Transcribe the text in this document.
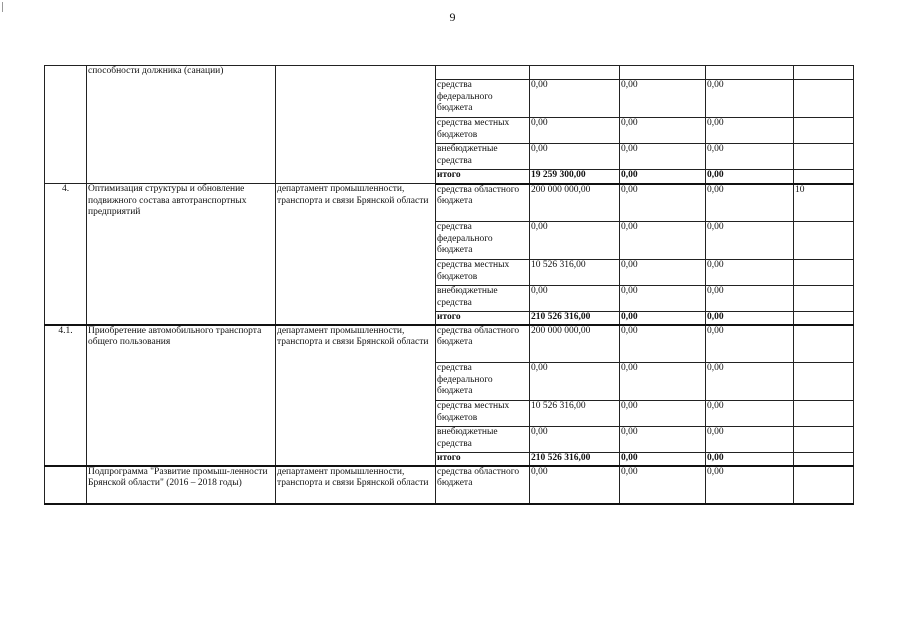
9
	способности должника (санации)						
			средства федерального бюджета	0,00	0,00	0,00	
			средства местных бюджетов	0,00	0,00	0,00	
			внебюджетные средства	0,00	0,00	0,00	
			итого	19 259 300,00	0,00	0,00	
4.	Оптимизация структуры и обновление подвижного состава автотранспортных предприятий	департамент промышленности, транспорта и связи Брянской области	средства областного бюджета	200 000 000,00	0,00	0,00	10
			средства федерального бюджета	0,00	0,00	0,00	
			средства местных бюджетов	10 526 316,00	0,00	0,00	
			внебюджетные средства	0,00	0,00	0,00	
			итого	210 526 316,00	0,00	0,00	
4.1.	Приобретение автомобильного транспорта общего пользования	департамент промышленности, транспорта и связи Брянской области	средства областного бюджета	200 000 000,00	0,00	0,00	
			средства федерального бюджета	0,00	0,00	0,00	
			средства местных бюджетов	10 526 316,00	0,00	0,00	
			внебюджетные средства	0,00	0,00	0,00	
			итого	210 526 316,00	0,00	0,00	
	Подпрограмма "Развитие промыш-ленности Брянской области" (2016 – 2018 годы)	департамент промышленности, транспорта и связи Брянской области	средства областного бюджета	0,00	0,00	0,00	
